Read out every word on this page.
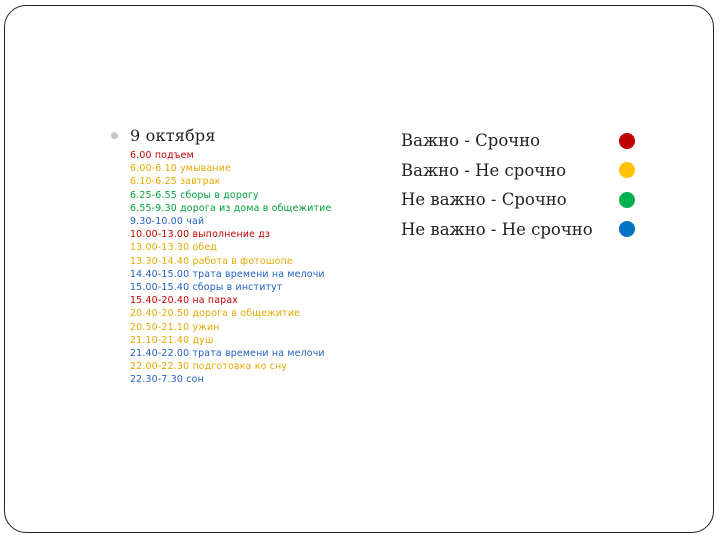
9 октября
6.00 подъем
6.00-6.10 умывание
6.10-6.25 завтрак
6.25-6.55 сборы в дорогу
6.55-9.30 дорога из дома в общежитие
9.30-10.00 чай
10.00-13.00 выполнение дз
13.00-13.30 обед
13.30-14.40 работа в фотошопе
14.40-15.00 трата времени на мелочи
15.00-15.40 сборы в институт
15.40-20.40 на парах
20.40-20.50 дорога в общежитие
20.50-21.10 ужин
21.10-21.40 душ
21.40-22.00 трата времени на мелочи
22.00-22.30 подготовка ко сну
22.30-7.30 сон
Важно - Срочно
Важно - Не срочно
Не важно - Срочно
Не важно - Не срочно
